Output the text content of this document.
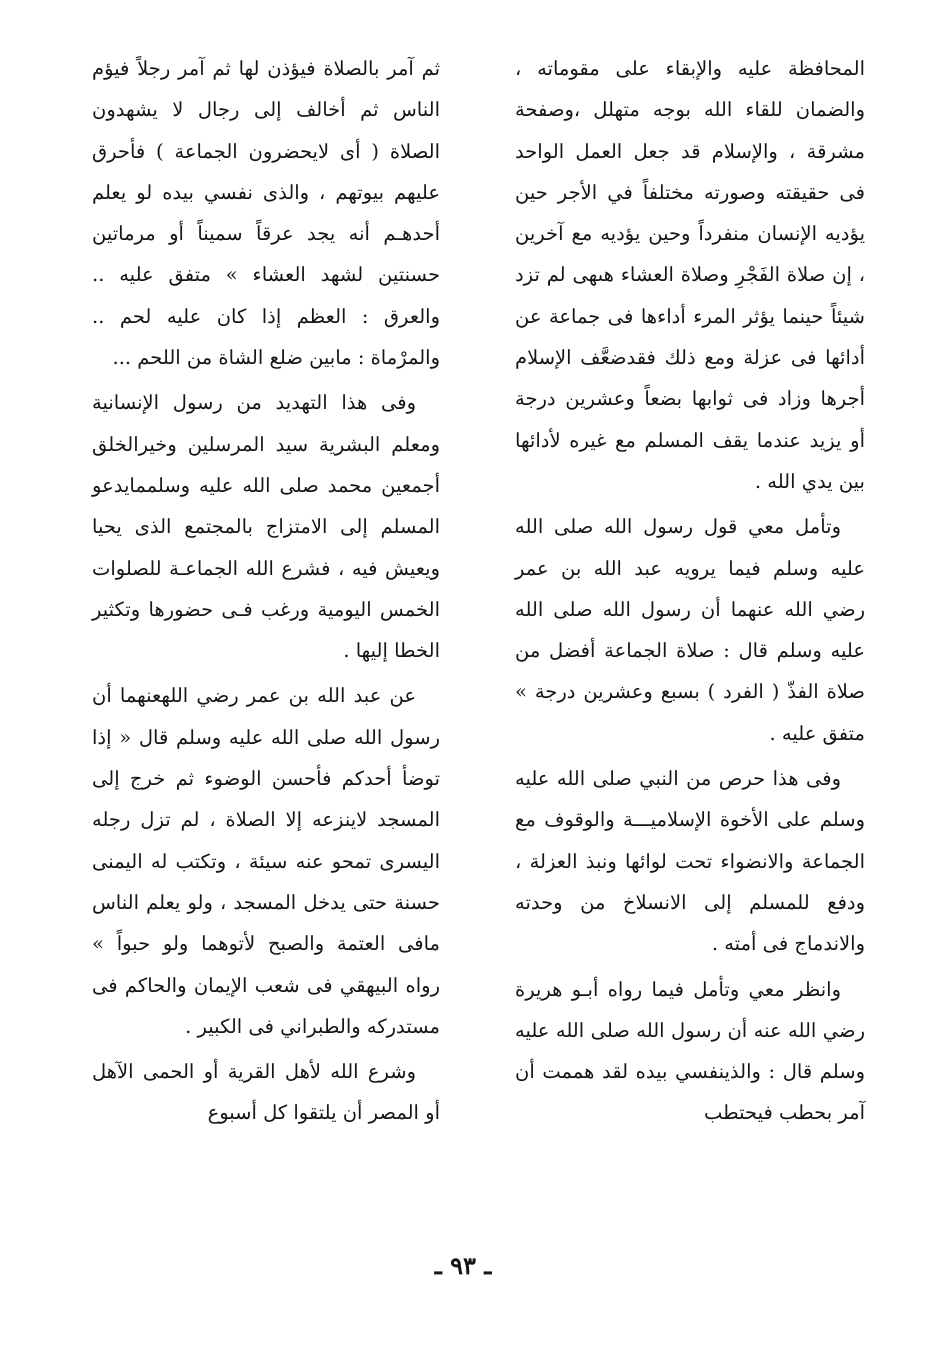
المحافظة عليه والإبقاء على مقوماته ، والضمان للقاء الله بوجه متهلل ،وصفحة مشرقة ، والإسلام قد جعل العمل الواحد فى حقيقته وصورته مختلفاً في الأجر حين يؤديه الإنسان منفرداً وحين يؤديه مع آخرين ، إن صلاة الفَجْرِ وصلاة العشاء هىهى لم تزد شيئاً حينما يؤثر المرء أداءها فى جماعة عن أدائها فى عزلة ومع ذلك فقدضعَّف الإسلام أجرها وزاد فى ثوابها بضعاً وعشرين درجة أو يزيد عندما يقف المسلم مع غيره لأدائها بين يدي الله .

وتأمل معي قول رسول الله صلى الله عليه وسلم فيما يرويه عبد الله بن عمر رضي الله عنهما أن رسول الله صلى الله عليه وسلم قال : صلاة الجماعة أفضل من صلاة الفذّ ( الفرد ) بسبع وعشرين درجة » متفق عليه .

وفى هذا حرص من النبي صلى الله عليه وسلم على الأخوة الإسلاميـــة والوقوف مع الجماعة والانضواء تحت لوائها ونبذ العزلة ، ودفع للمسلم إلى الانسلاخ من وحدته والاندماج فى أمته .

وانظر معي وتأمل فيما رواه أبـو هريرة رضي الله عنه أن رسول الله صلى الله عليه وسلم قال : والذينفسي بيده لقد هممت أن آمر بحطب فيحتطب

ثم آمر بالصلاة فيؤذن لها ثم آمر رجلاً فيؤم الناس ثم أخالف إلى رجال لا يشهدون الصلاة ( أى لايحضرون الجماعة ) فأحرق عليهم بيوتهم ، والذى نفسي بيده لو يعلم أحدهـم أنه يجد عرقاً سميناً أو مرماتين حسنتين لشهد العشاء » متفق عليه .. والعرق : العظم إذا كان عليه لحم .. والمرْماة : مابين ضلع الشاة من اللحم ...

وفى هذا التهديد من رسول الإنسانية ومعلم البشرية سيد المرسلين وخيرالخلق أجمعين محمد صلى الله عليه وسلممايدعو المسلم إلى الامتزاج بالمجتمع الذى يحيا ويعيش فيه ، فشرع الله الجماعـة للصلوات الخمس اليومية ورغب فـى حضورها وتكثير الخطا إليها .

عن عبد الله بن عمر رضي اللهعنهما أن رسول الله صلى الله عليه وسلم قال « إذا توضأ أحدكم فأحسن الوضوء ثم خرج إلى المسجد لاينزعه إلا الصلاة ، لم تزل رجله اليسرى تمحو عنه سيئة ، وتكتب له اليمنى حسنة حتى يدخل المسجد ، ولو يعلم الناس مافى العتمة والصبح لأتوهما ولو حبواً » رواه البيهقي فى شعب الإيمان والحاكم فى مستدركه والطبراني فى الكبير .

وشرع الله لأهل القرية أو الحمى الآهل أو المصر أن يلتقوا كل أسبوع

ـ ٩٣ ـ
